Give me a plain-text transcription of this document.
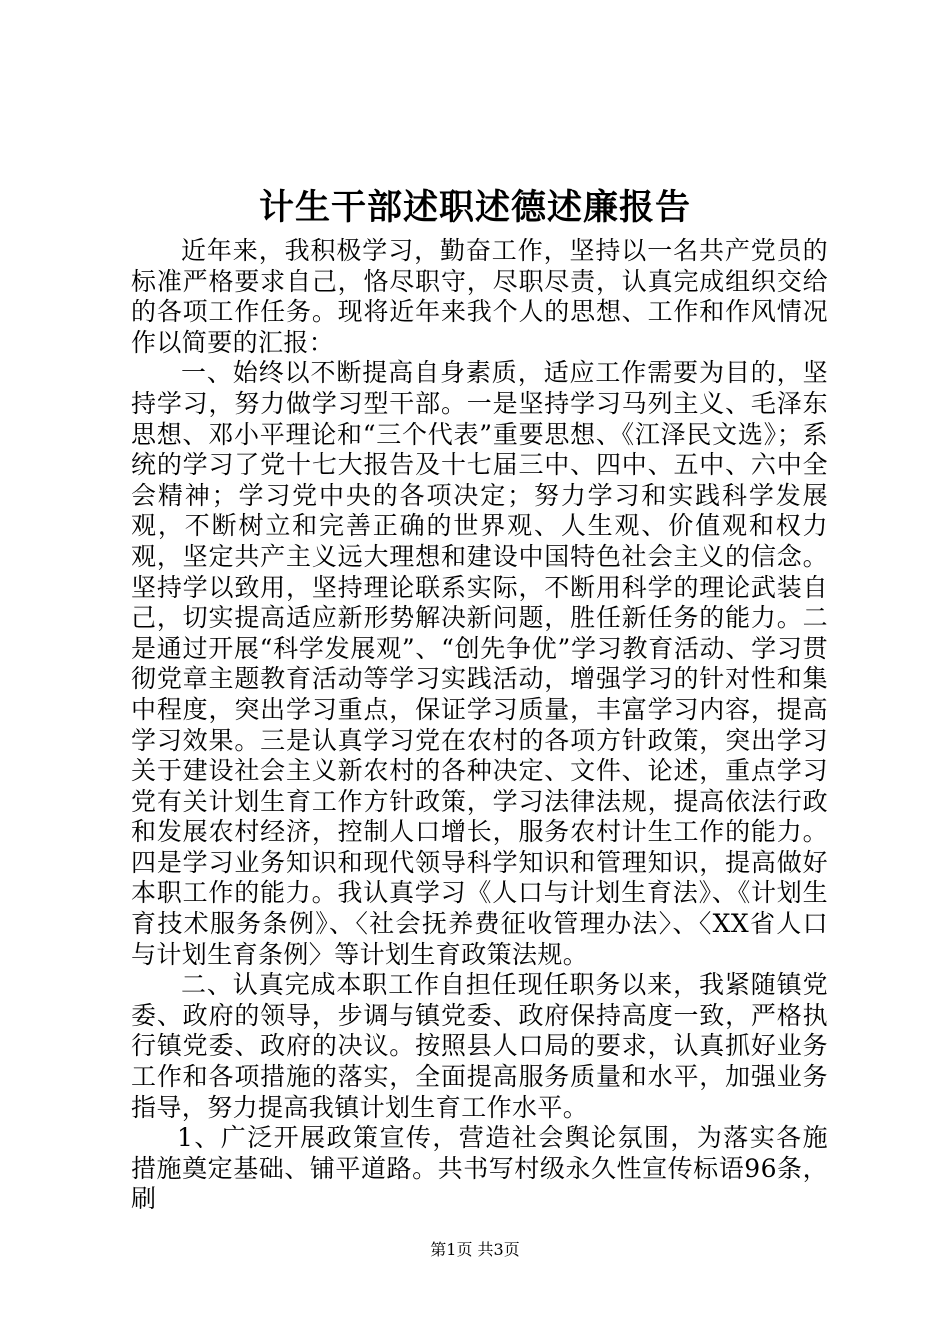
计生干部述职述德述廉报告

近年来，我积极学习，勤奋工作，坚持以一名共产党员的标准严格要求自己，恪尽职守，尽职尽责，认真完成组织交给的各项工作任务。现将近年来我个人的思想、工作和作风情况作以简要的汇报：

一、始终以不断提高自身素质，适应工作需要为目的，坚持学习，努力做学习型干部。一是坚持学习马列主义、毛泽东思想、邓小平理论和“三个代表”重要思想、《江泽民文选》；系统的学习了党十七大报告及十七届三中、四中、五中、六中全会精神；学习党中央的各项决定；努力学习和实践科学发展观，不断树立和完善正确的世界观、人生观、价值观和权力观，坚定共产主义远大理想和建设中国特色社会主义的信念。坚持学以致用，坚持理论联系实际，不断用科学的理论武装自己，切实提高适应新形势解决新问题，胜任新任务的能力。二是通过开展“科学发展观”、“创先争优”学习教育活动、学习贯彻党章主题教育活动等学习实践活动，增强学习的针对性和集中程度，突出学习重点，保证学习质量，丰富学习内容，提高学习效果。三是认真学习党在农村的各项方针政策，突出学习关于建设社会主义新农村的各种决定、文件、论述，重点学习党有关计划生育工作方针政策，学习法律法规，提高依法行政和发展农村经济，控制人口增长，服务农村计生工作的能力。四是学习业务知识和现代领导科学知识和管理知识，提高做好本职工作的能力。我认真学习《人口与计划生育法》、《计划生育技术服务条例》、〈社会抚养费征收管理办法〉、〈XX省人口与计划生育条例〉等计划生育政策法规。

二、认真完成本职工作自担任现任职务以来，我紧随镇党委、政府的领导，步调与镇党委、政府保持高度一致，严格执行镇党委、政府的决议。按照县人口局的要求，认真抓好业务工作和各项措施的落实，全面提高服务质量和水平，加强业务指导，努力提高我镇计划生育工作水平。

1、广泛开展政策宣传，营造社会舆论氛围，为落实各施措施奠定基础、铺平道路。共书写村级永久性宣传标语96条，刷

第1页 共3页
